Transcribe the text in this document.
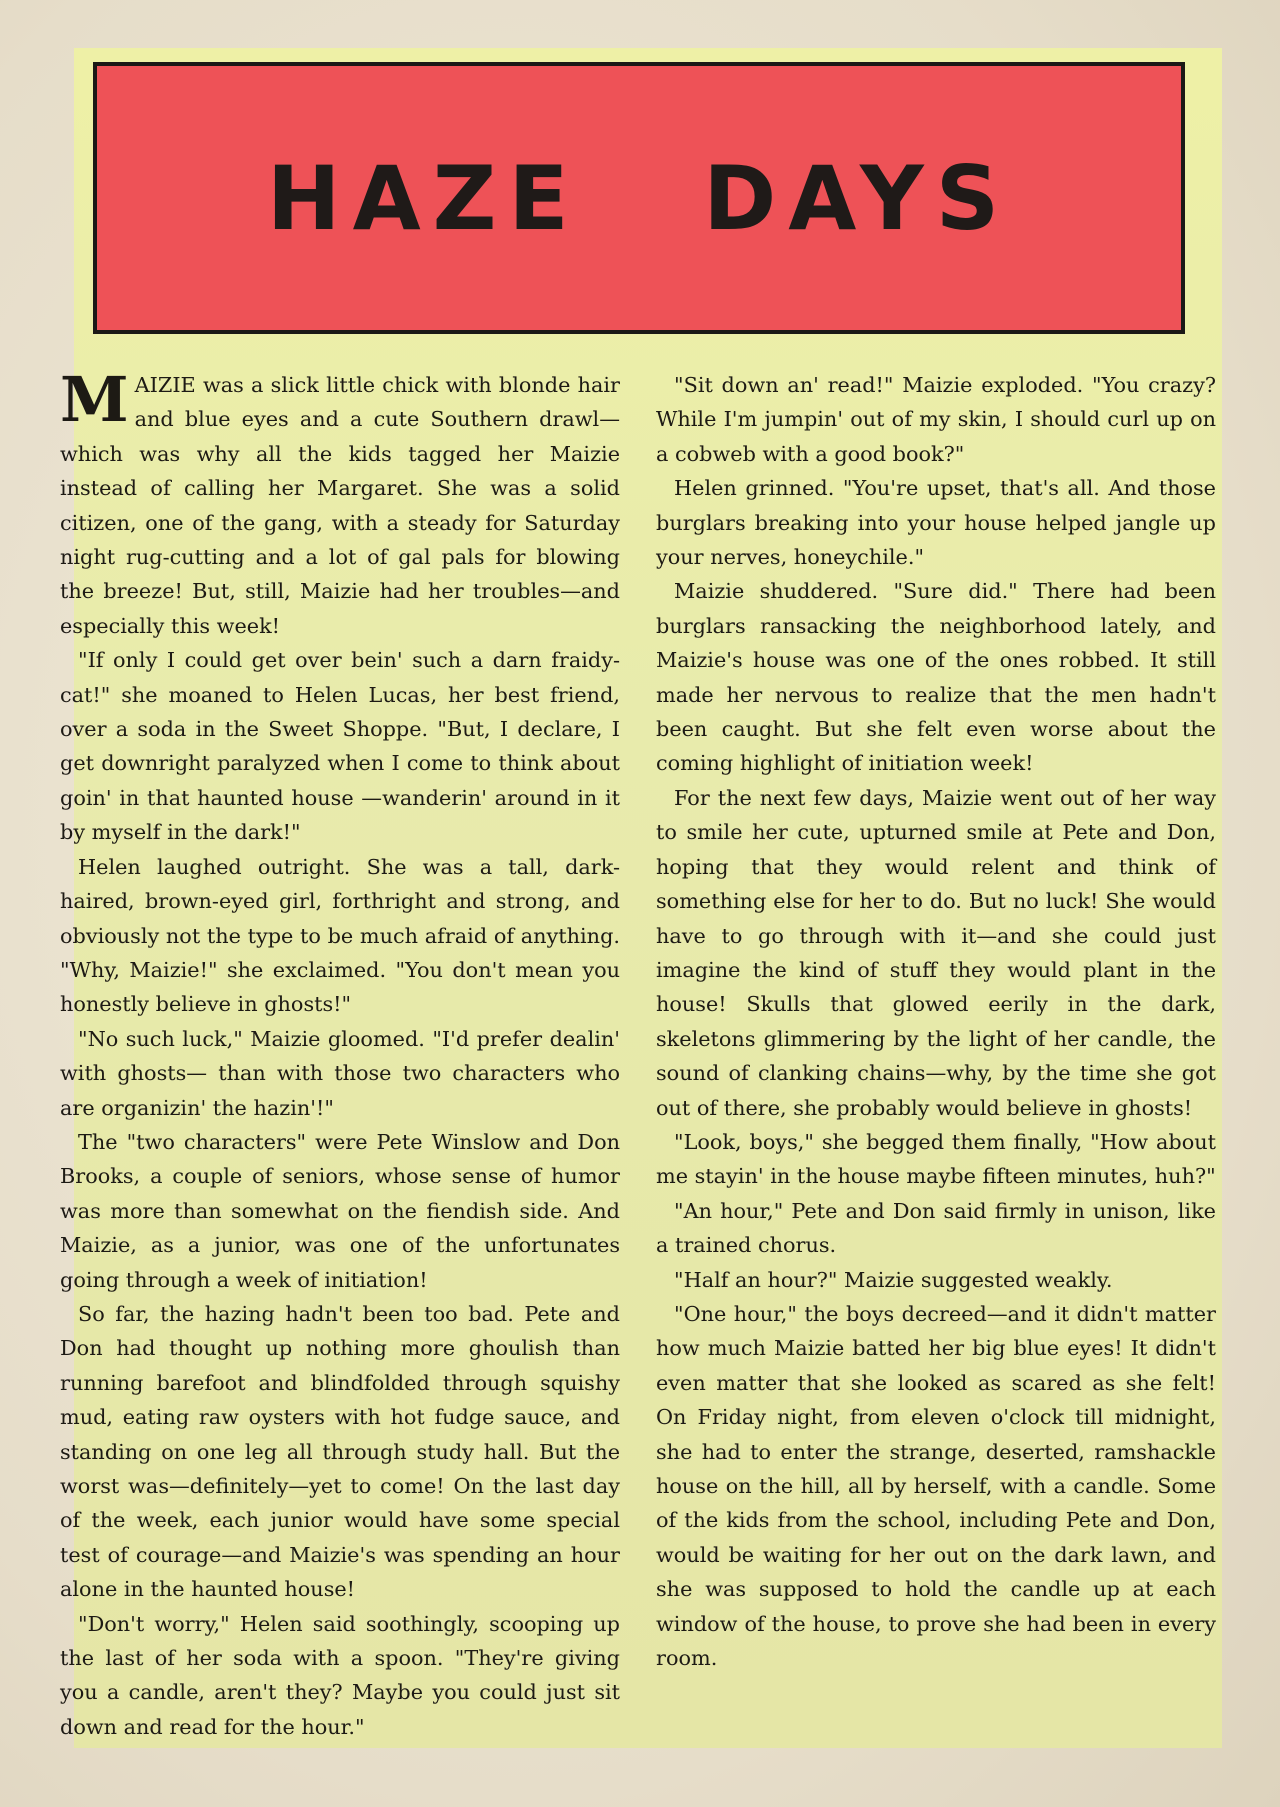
HAZE DAYS

MAIZIE was a slick little chick with blonde hair and blue eyes and a cute Southern drawl—which was why all the kids tagged her Maizie instead of calling her Margaret. She was a solid citizen, one of the gang, with a steady for Saturday night rug-cutting and a lot of gal pals for blowing the breeze! But, still, Maizie had her troubles—and especially this week!

"If only I could get over bein' such a darn fraidy-cat!" she moaned to Helen Lucas, her best friend, over a soda in the Sweet Shoppe. "But, I declare, I get downright paralyzed when I come to think about goin' in that haunted house —wanderin' around in it by myself in the dark!"

Helen laughed outright. She was a tall, dark-haired, brown-eyed girl, forthright and strong, and obviously not the type to be much afraid of anything. "Why, Maizie!" she exclaimed. "You don't mean you honestly believe in ghosts!"

"No such luck," Maizie gloomed. "I'd prefer dealin' with ghosts— than with those two characters who are organizin' the hazin'!"

The "two characters" were Pete Winslow and Don Brooks, a couple of seniors, whose sense of humor was more than somewhat on the fiendish side. And Maizie, as a junior, was one of the unfortunates going through a week of initiation!

So far, the hazing hadn't been too bad. Pete and Don had thought up nothing more ghoulish than running barefoot and blindfolded through squishy mud, eating raw oysters with hot fudge sauce, and standing on one leg all through study hall. But the worst was—definitely—yet to come! On the last day of the week, each junior would have some special test of courage—and Maizie's was spending an hour alone in the haunted house!

"Don't worry," Helen said soothingly, scooping up the last of her soda with a spoon. "They're giving you a candle, aren't they? Maybe you could just sit down and read for the hour."

"Sit down an' read!" Maizie exploded. "You crazy? While I'm jumpin' out of my skin, I should curl up on a cobweb with a good book?"

Helen grinned. "You're upset, that's all. And those burglars breaking into your house helped jangle up your nerves, honeychile."

Maizie shuddered. "Sure did." There had been burglars ransacking the neighborhood lately, and Maizie's house was one of the ones robbed. It still made her nervous to realize that the men hadn't been caught. But she felt even worse about the coming highlight of initiation week!

For the next few days, Maizie went out of her way to smile her cute, upturned smile at Pete and Don, hoping that they would relent and think of something else for her to do. But no luck! She would have to go through with it—and she could just imagine the kind of stuff they would plant in the house! Skulls that glowed eerily in the dark, skeletons glimmering by the light of her candle, the sound of clanking chains—why, by the time she got out of there, she probably would believe in ghosts!

"Look, boys," she begged them finally, "How about me stayin' in the house maybe fifteen minutes, huh?"

"An hour," Pete and Don said firmly in unison, like a trained chorus.

"Half an hour?" Maizie suggested weakly.

"One hour," the boys decreed—and it didn't matter how much Maizie batted her big blue eyes! It didn't even matter that she looked as scared as she felt! On Friday night, from eleven o'clock till midnight, she had to enter the strange, deserted, ramshackle house on the hill, all by herself, with a candle. Some of the kids from the school, including Pete and Don, would be waiting for her out on the dark lawn, and she was supposed to hold the candle up at each window of the house, to prove she had been in every room.
